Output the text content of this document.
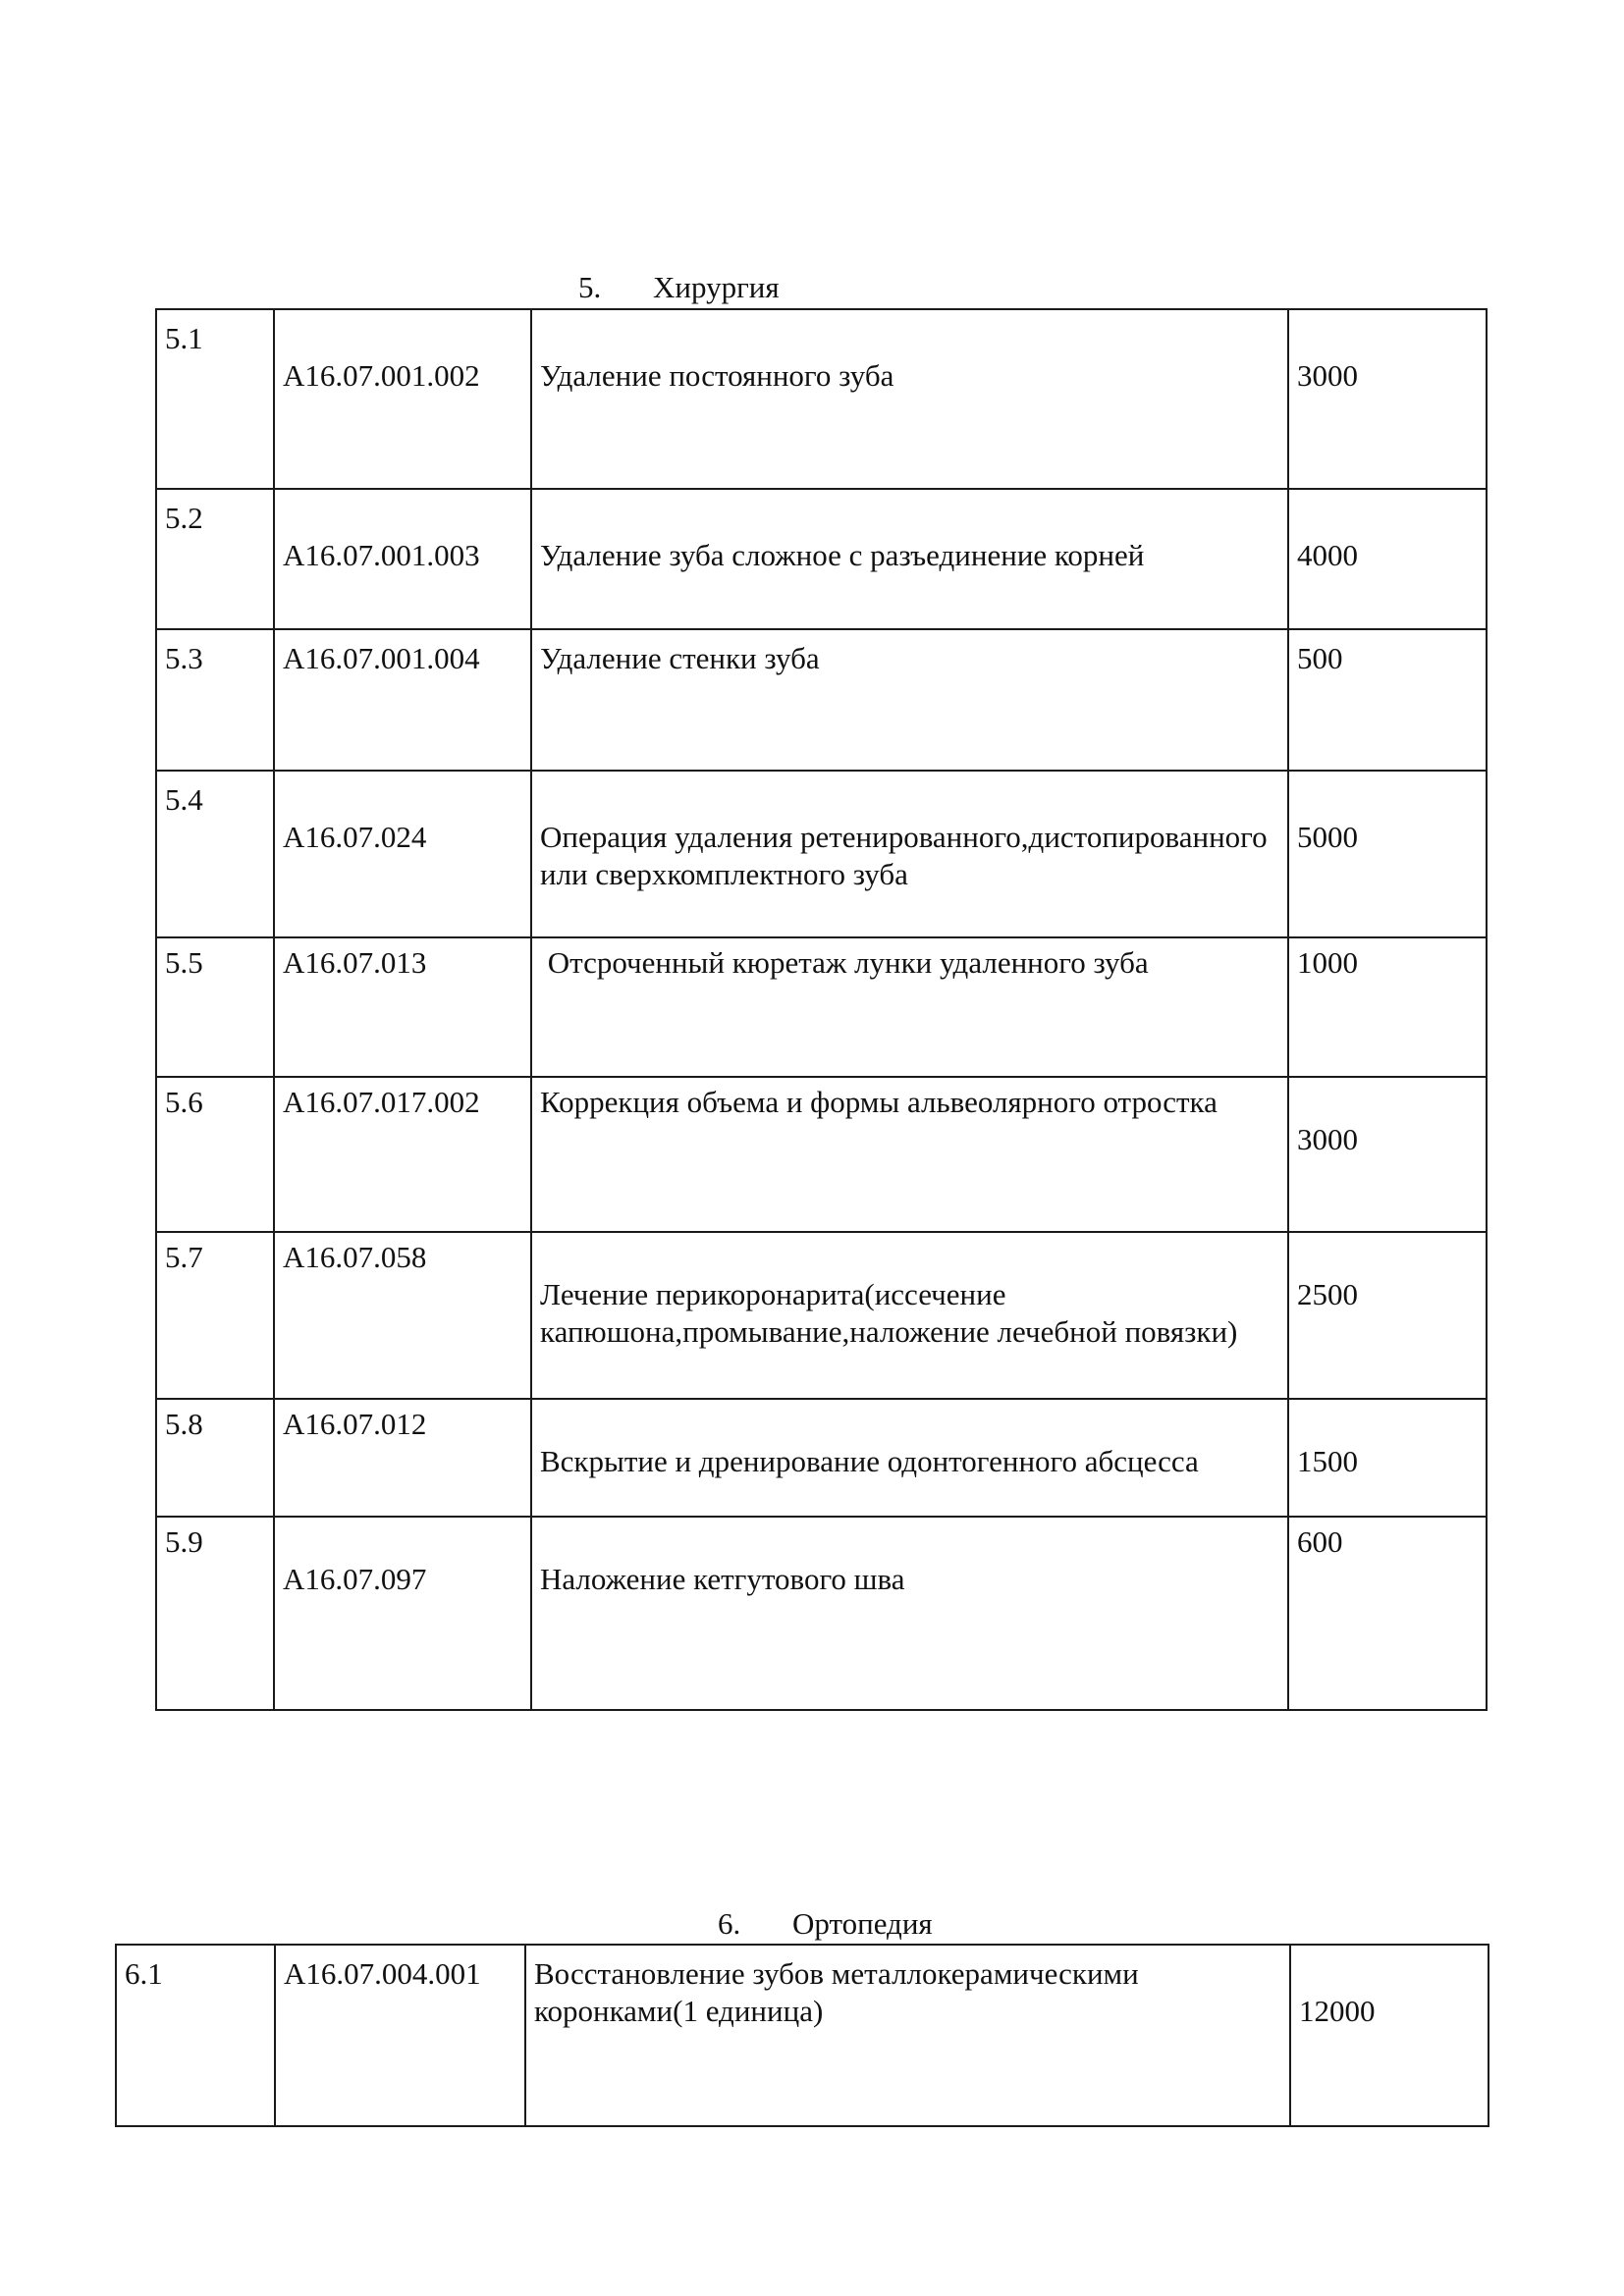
5. Хирургия
5.1	A16.07.001.002	Удаление постоянного зуба	3000

5.2	A16.07.001.003	Удаление зуба сложное с разъединение корней	4000

5.3	A16.07.001.004	Удаление стенки зуба	500

5.4	A16.07.024	Операция удаления ретенированного,дистопированного или сверхкомплектного зуба	5000

5.5	A16.07.013	Отсроченный кюретаж лунки удаленного зуба	1000

5.6	A16.07.017.002	Коррекция объема и формы альвеолярного отростка	3000

5.7	A16.07.058	Лечение перикоронарита(иссечение капюшона,промывание,наложение лечебной повязки)	2500

5.8	A16.07.012	Вскрытие и дренирование одонтогенного абсцесса	1500

5.9	A16.07.097	Наложение кетгутового шва	600
6. Ортопедия
6.1	A16.07.004.001	Восстановление зубов металлокерамическими коронками(1 единица)	12000
